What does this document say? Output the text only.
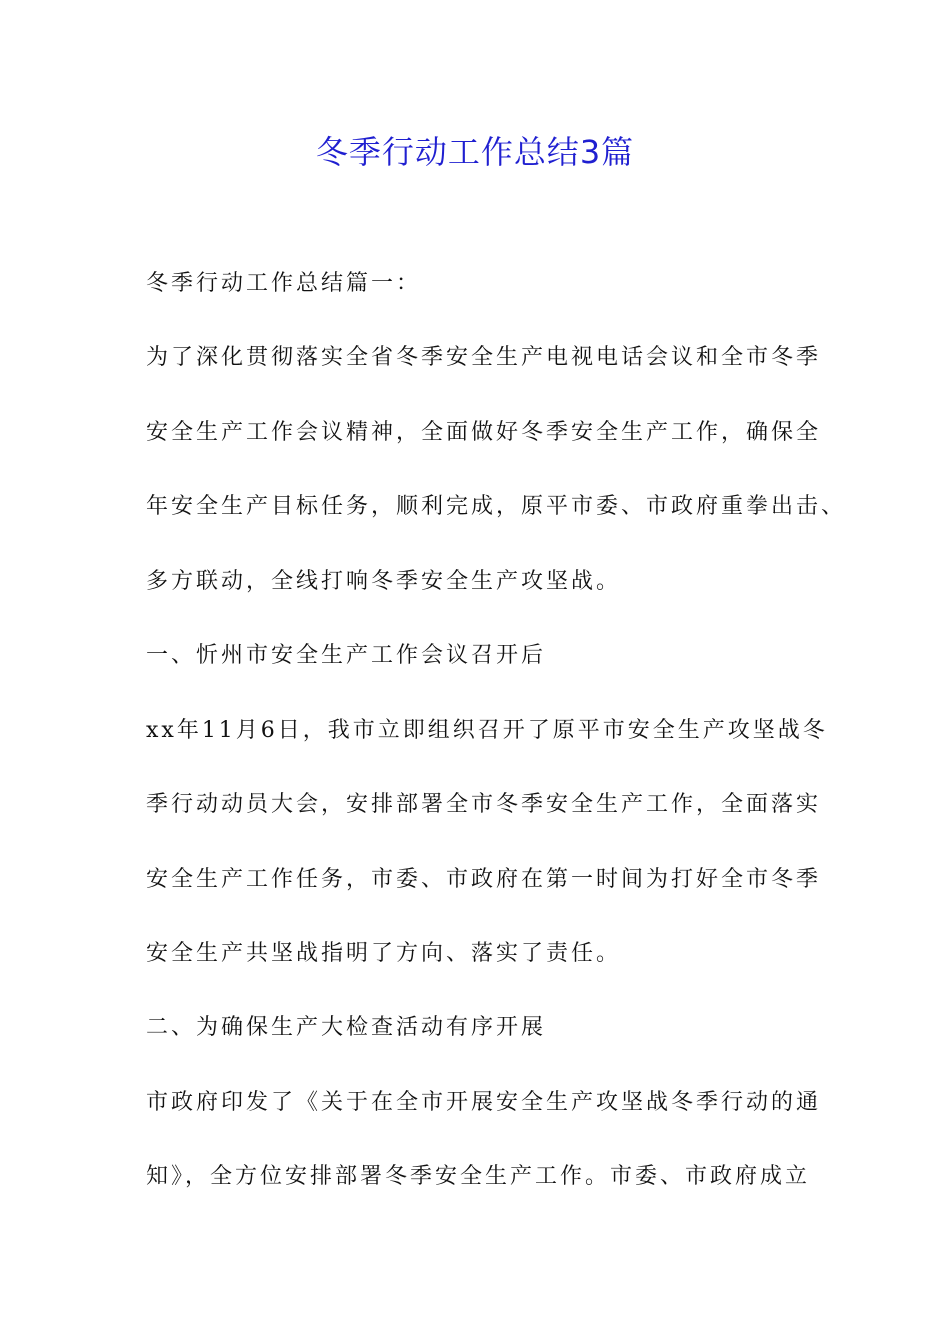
冬季行动工作总结3篇

冬季行动工作总结篇一：

为了深化贯彻落实全省冬季安全生产电视电话会议和全市冬季

安全生产工作会议精神，全面做好冬季安全生产工作，确保全

年安全生产目标任务，顺利完成，原平市委、市政府重拳出击、

多方联动，全线打响冬季安全生产攻坚战。

一、忻州市安全生产工作会议召开后

xx年11月6日，我市立即组织召开了原平市安全生产攻坚战冬

季行动动员大会，安排部署全市冬季安全生产工作，全面落实

安全生产工作任务，市委、市政府在第一时间为打好全市冬季

安全生产共坚战指明了方向、落实了责任。

二、为确保生产大检查活动有序开展

市政府印发了《关于在全市开展安全生产攻坚战冬季行动的通

知》，全方位安排部署冬季安全生产工作。市委、市政府成立
